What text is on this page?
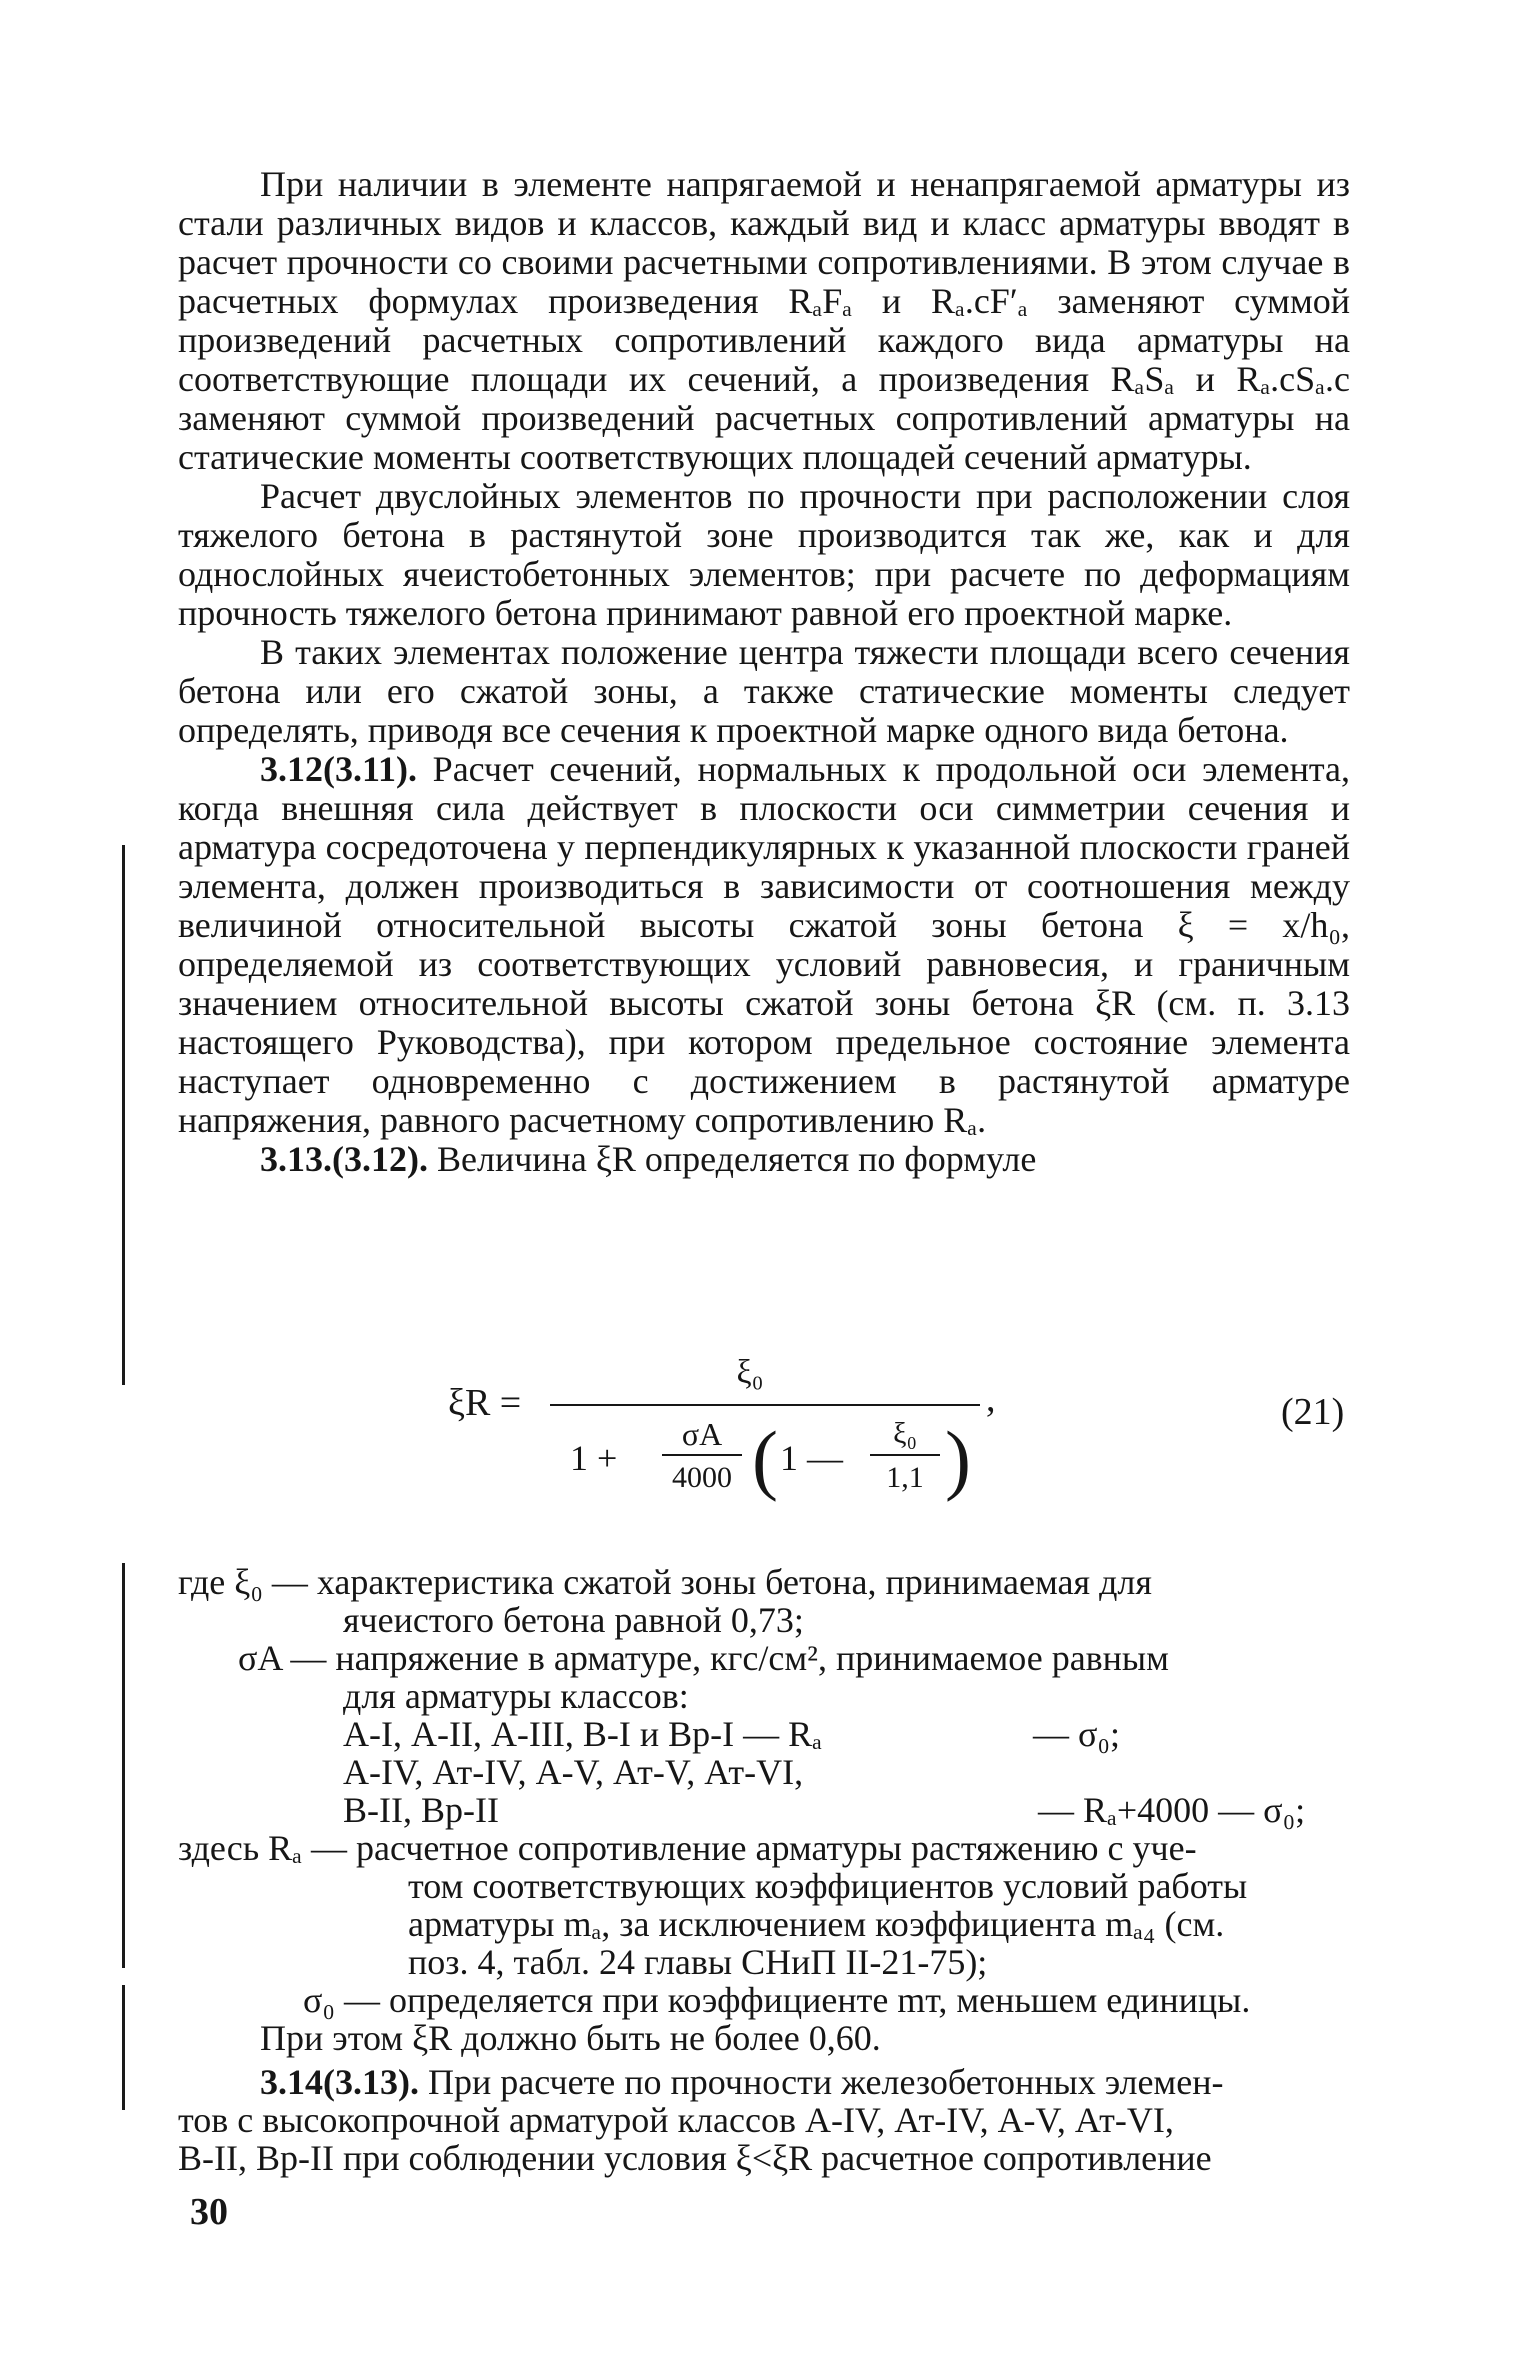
При наличии в элементе напрягаемой и ненапрягаемой арматуры из стали различных видов и классов, каждый вид и класс арматуры вводят в расчет прочности со своими расчетными сопротивлениями. В этом случае в расчетных формулах произведения RₐFₐ и Rₐ.cF′ₐ заменяют суммой произведений расчетных сопротивлений каждого вида арматуры на соответствующие площади их сечений, а произведения RₐSₐ и Rₐ.cSₐ.c заменяют суммой произведений расчетных сопротивлений арматуры на статические моменты соответствующих площадей сечений арматуры.

Расчет двуслойных элементов по прочности при расположении слоя тяжелого бетона в растянутой зоне производится так же, как и для однослойных ячеистобетонных элементов; при расчете по деформациям прочность тяжелого бетона принимают равной его проектной марке.

В таких элементах положение центра тяжести площади всего сечения бетона или его сжатой зоны, а также статические моменты следует определять, приводя все сечения к проектной марке одного вида бетона.

3.12(3.11). Расчет сечений, нормальных к продольной оси элемента, когда внешняя сила действует в плоскости оси симметрии сечения и арматура сосредоточена у перпендикулярных к указанной плоскости граней элемента, должен производиться в зависимости от соотношения между величиной относительной высоты сжатой зоны бетона ξ = x/h₀, определяемой из соответствующих условий равновесия, и граничным значением относительной высоты сжатой зоны бетона ξR (см. п. 3.13 настоящего Руководства), при котором предельное состояние элемента наступает одновременно с достижением в растянутой арматуре напряжения, равного расчетному сопротивлению Rₐ.

3.13.(3.12). Величина ξR определяется по формуле

ξR =
ξ₀
1 +
σA
4000 ( 1 —
ξ₀
1,1 )
,	(21)
где ξ₀ — характеристика сжатой зоны бетона, принимаемая для
ячеистого бетона равной 0,73;
σA — напряжение в арматуре, кгс/см², принимаемое равным
для арматуры классов:
А-I, А-II, А-III, В-I и Вр-I — Rₐ	— σ₀;
А-IV, Ат-IV, А-V, Ат-V, Ат-VI,
В-II, Вр-II	— Rₐ+4000 — σ₀;
здесь Rₐ — расчетное сопротивление арматуры растяжению с уче-
том соответствующих коэффициентов условий работы
арматуры mₐ, за исключением коэффициента mₐ₄ (см.
поз. 4, табл. 24 главы СНиП II-21-75);
σ₀ — определяется при коэффициенте mт, меньшем единицы.
При этом ξR должно быть не более 0,60.
3.14(3.13). При расчете по прочности железобетонных элемен-
тов с высокопрочной арматурой классов А-IV, Ат-IV, А-V, Ат-VI,
В-II, Вр-II при соблюдении условия ξ<ξR расчетное сопротивление
30
